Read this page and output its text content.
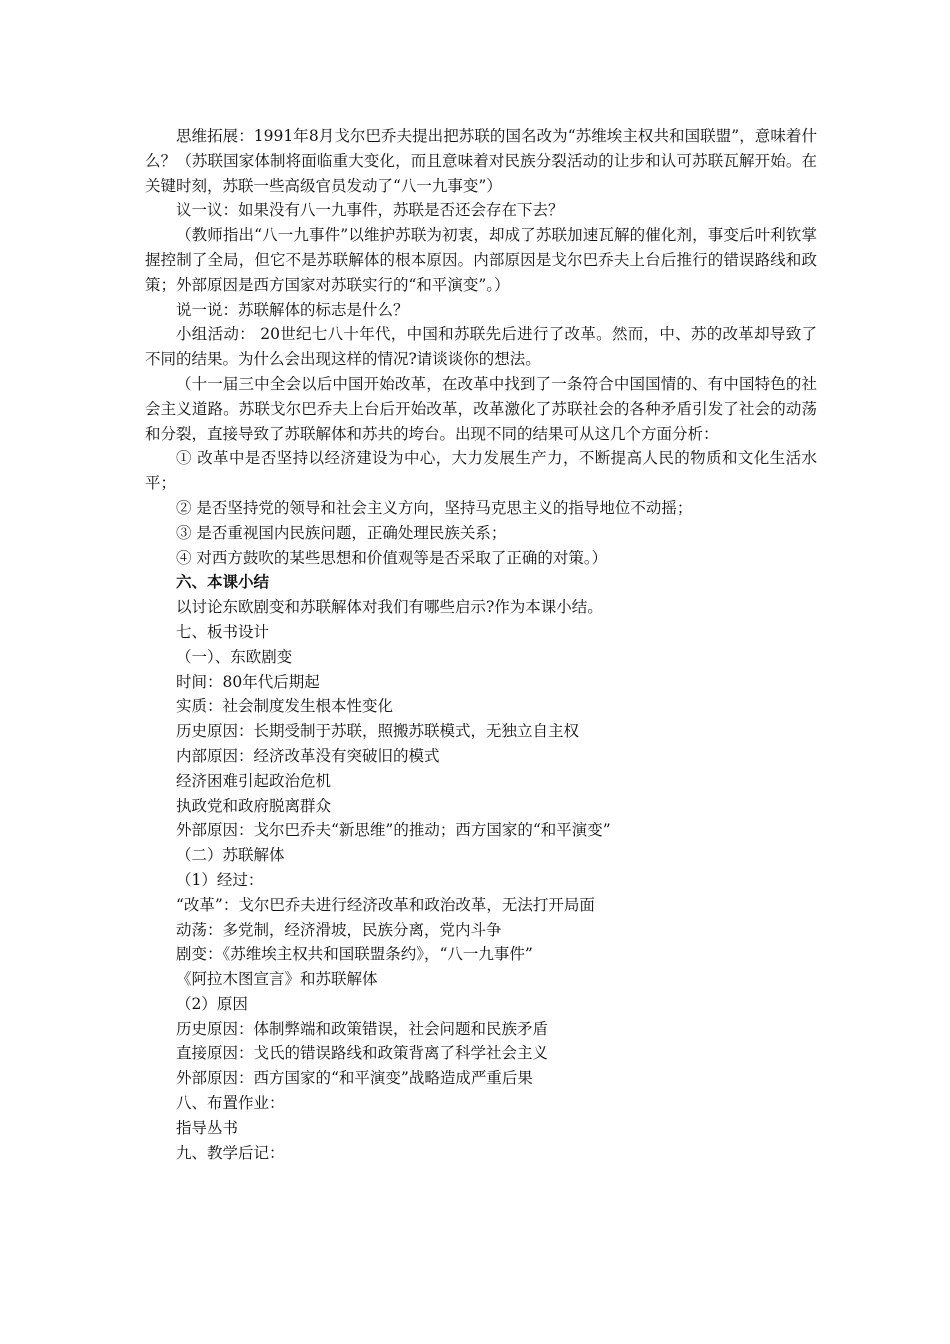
思维拓展：1991年8月戈尔巴乔夫提出把苏联的国名改为“苏维埃主权共和国联盟”，意味着什么？（苏联国家体制将面临重大变化，而且意味着对民族分裂活动的让步和认可苏联瓦解开始。在关键时刻，苏联一些高级官员发动了“八一九事变”）

议一议：如果没有八一九事件，苏联是否还会存在下去？

（教师指出“八一九事件”以维护苏联为初衷，却成了苏联加速瓦解的催化剂，事变后叶利钦掌握控制了全局，但它不是苏联解体的根本原因。内部原因是戈尔巴乔夫上台后推行的错误路线和政策；外部原因是西方国家对苏联实行的“和平演变”。）

说一说：苏联解体的标志是什么？

小组活动： 20世纪七八十年代，中国和苏联先后进行了改革。然而，中、苏的改革却导致了不同的结果。为什么会出现这样的情况?请谈谈你的想法。

（十一届三中全会以后中国开始改革，在改革中找到了一条符合中国国情的、有中国特色的社会主义道路。苏联戈尔巴乔夫上台后开始改革，改革激化了苏联社会的各种矛盾引发了社会的动荡和分裂，直接导致了苏联解体和苏共的垮台。出现不同的结果可从这几个方面分析：

① 改革中是否坚持以经济建设为中心，大力发展生产力，不断提高人民的物质和文化生活水平；

② 是否坚持党的领导和社会主义方向，坚持马克思主义的指导地位不动摇；

③ 是否重视国内民族问题，正确处理民族关系；

④ 对西方鼓吹的某些思想和价值观等是否采取了正确的对策。）

六、本课小结

以讨论东欧剧变和苏联解体对我们有哪些启示?作为本课小结。

七、板书设计

（一）、东欧剧变

时间：80年代后期起

实质：社会制度发生根本性变化

历史原因：长期受制于苏联，照搬苏联模式，无独立自主权

内部原因：经济改革没有突破旧的模式

经济困难引起政治危机

执政党和政府脱离群众

外部原因：戈尔巴乔夫“新思维”的推动；西方国家的“和平演变”

（二）苏联解体

（1）经过：

“改革”：戈尔巴乔夫进行经济改革和政治改革，无法打开局面

动荡：多党制，经济滑坡，民族分离，党内斗争

剧变：《苏维埃主权共和国联盟条约》，“八一九事件”

《阿拉木图宣言》和苏联解体

（2）原因

历史原因：体制弊端和政策错误，社会问题和民族矛盾

直接原因：戈氏的错误路线和政策背离了科学社会主义

外部原因：西方国家的“和平演变”战略造成严重后果

八、布置作业：

指导丛书

九、教学后记：
